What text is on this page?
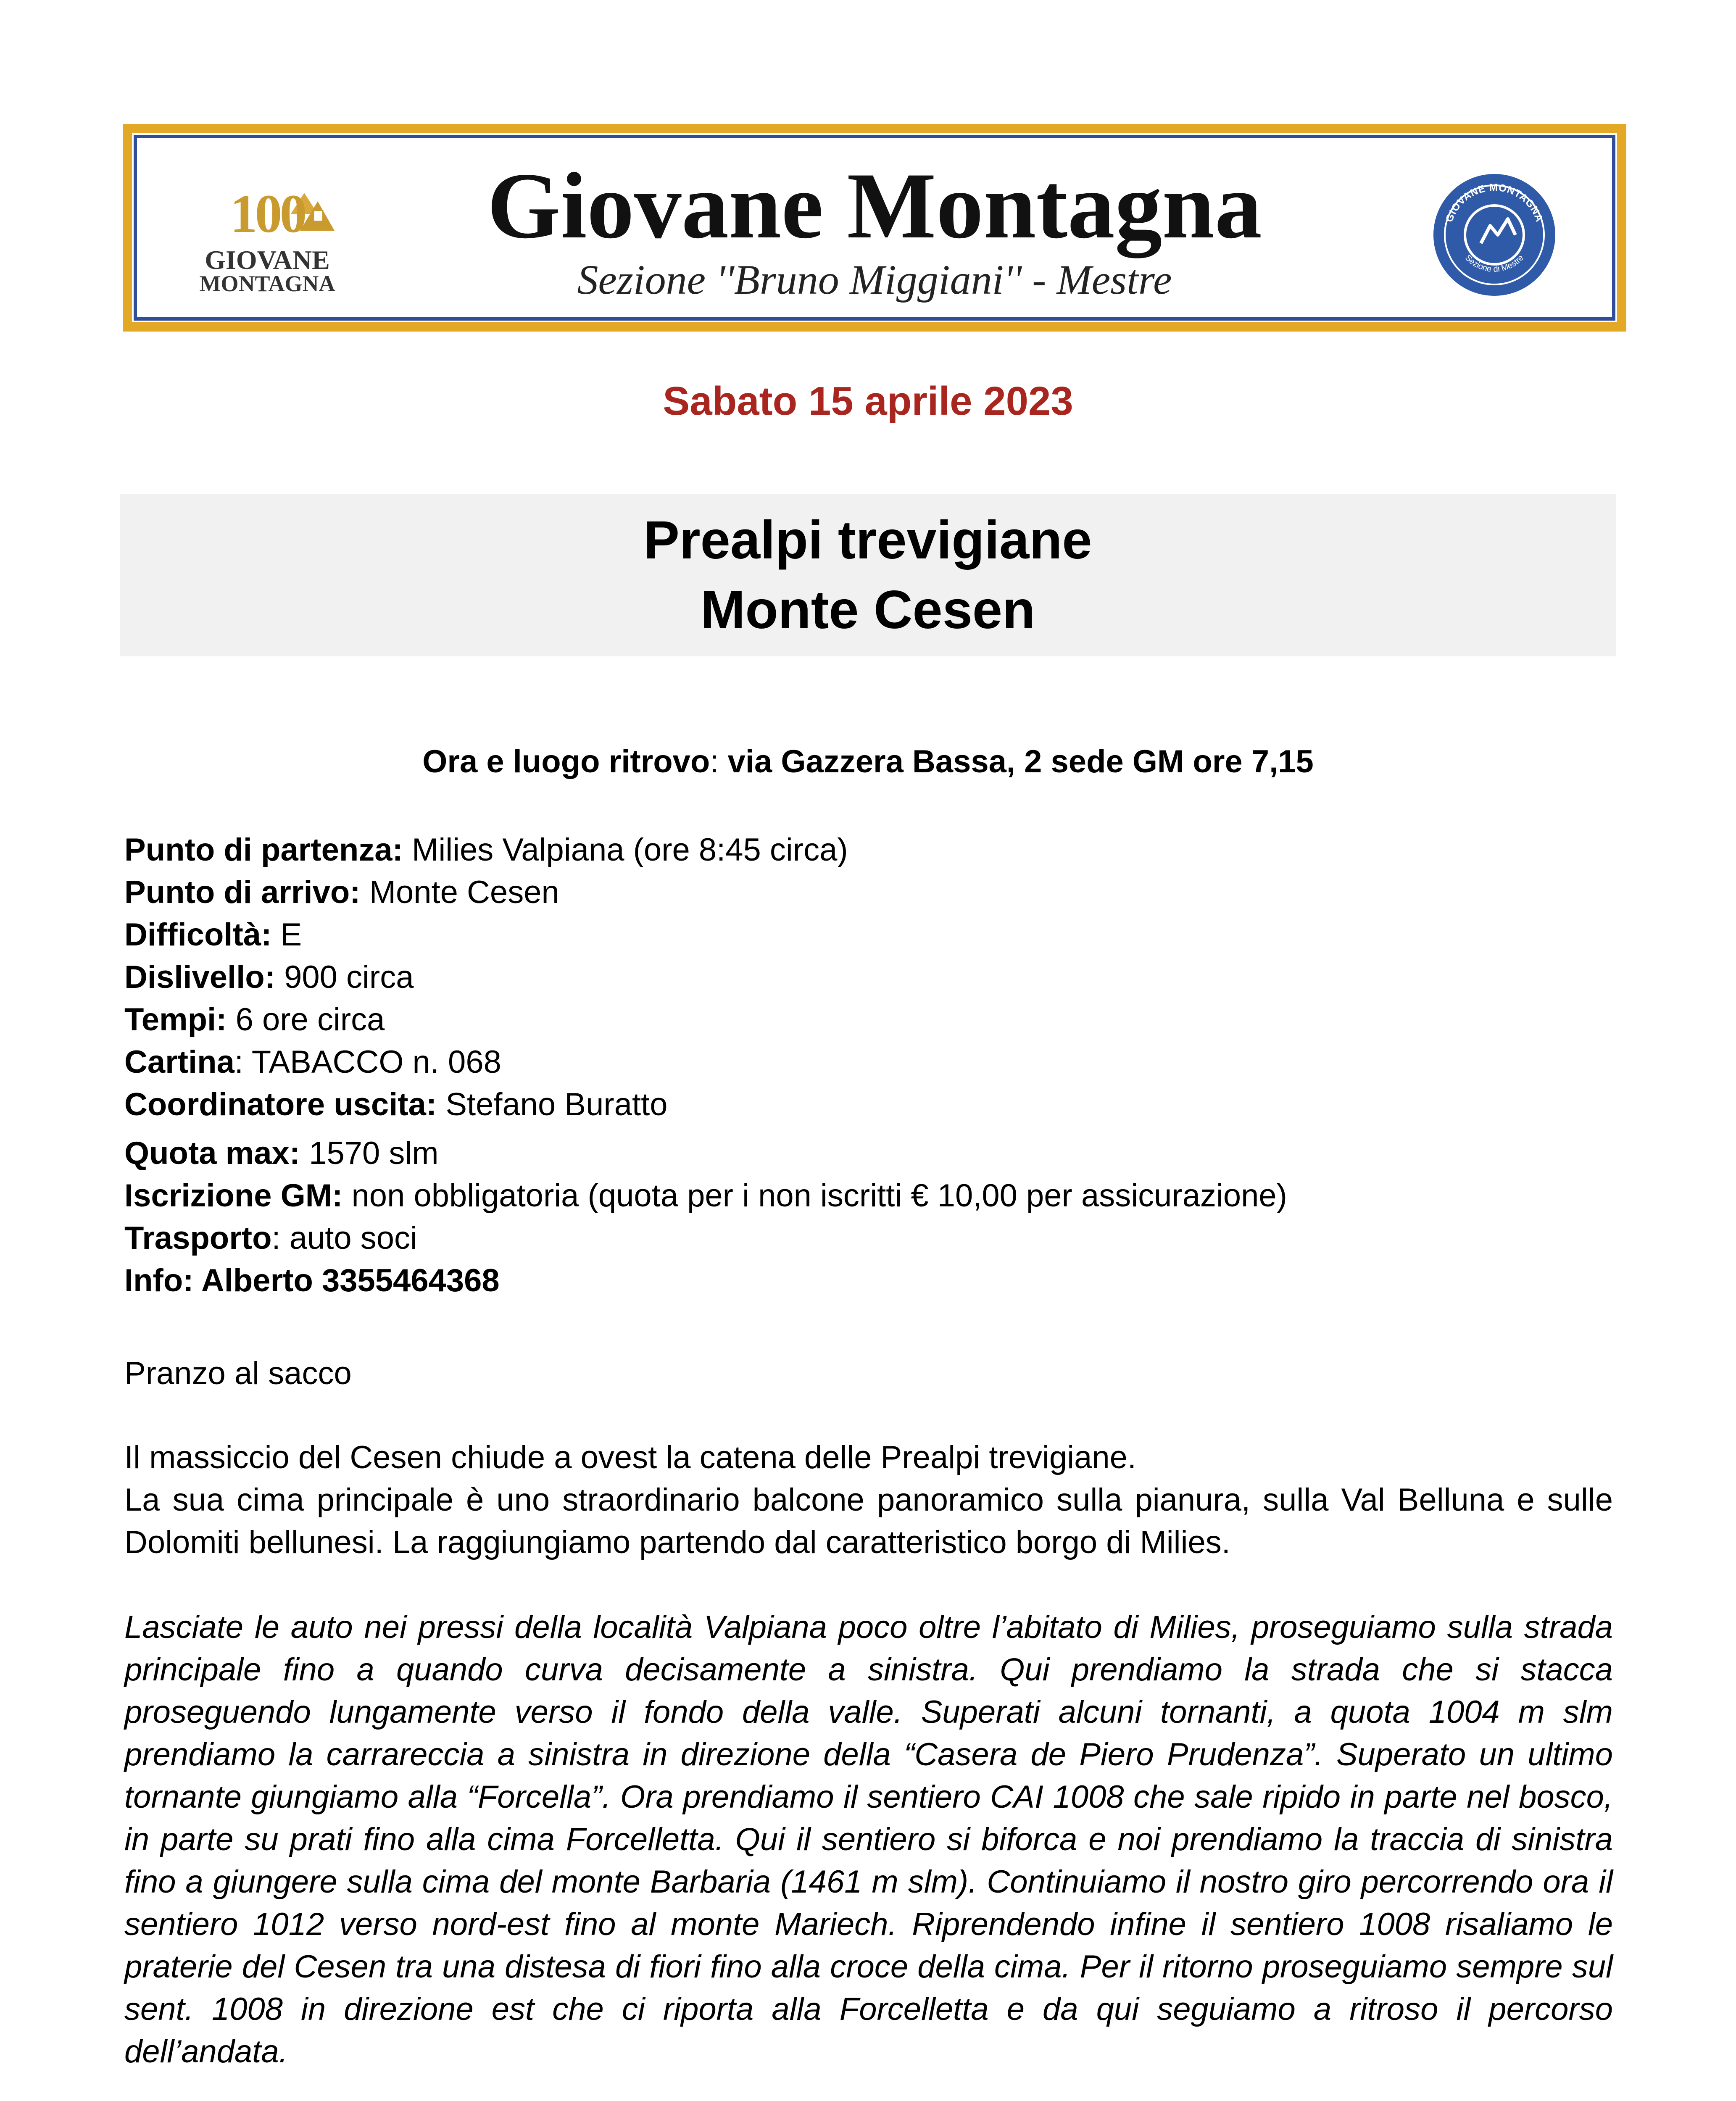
100
GIOVANE
MONTAGNA
Giovane Montagna
Sezione ''Bruno Miggiani'' - Mestre
GIOVANE MONTAGNA
Sezione di Mestre
Sabato 15 aprile 2023
Prealpi trevigiane
Monte Cesen
Ora e luogo ritrovo: via Gazzera Bassa, 2 sede GM ore 7,15
Punto di partenza: Milies Valpiana (ore 8:45 circa)
Punto di arrivo: Monte Cesen
Difficoltà: E
Dislivello: 900 circa
Tempi: 6 ore circa
Cartina: TABACCO n. 068
Coordinatore uscita: Stefano Buratto
Quota max: 1570 slm
Iscrizione GM: non obbligatoria (quota per i non iscritti € 10,00 per assicurazione)
Trasporto: auto soci
Info: Alberto 3355464368
Pranzo al sacco
Il massiccio del Cesen chiude a ovest la catena delle Prealpi trevigiane.
La sua cima principale è uno straordinario balcone panoramico sulla pianura, sulla Val Belluna e sulle
Dolomiti bellunesi. La raggiungiamo partendo dal caratteristico borgo di Milies.
Lasciate le auto nei pressi della località Valpiana poco oltre l’abitato di Milies, proseguiamo sulla strada
principale fino a quando curva decisamente a sinistra. Qui prendiamo la strada che si stacca
proseguendo lungamente verso il fondo della valle. Superati alcuni tornanti, a quota 1004 m slm
prendiamo la carrareccia a sinistra in direzione della “Casera de Piero Prudenza”. Superato un ultimo
tornante giungiamo alla “Forcella”. Ora prendiamo il sentiero CAI 1008 che sale ripido in parte nel bosco,
in parte su prati fino alla cima Forcelletta. Qui il sentiero si biforca e noi prendiamo la traccia di sinistra
fino a giungere sulla cima del monte Barbaria (1461 m slm). Continuiamo il nostro giro percorrendo ora il
sentiero 1012 verso nord-est fino al monte Mariech. Riprendendo infine il sentiero 1008 risaliamo le
praterie del Cesen tra una distesa di fiori fino alla croce della cima. Per il ritorno proseguiamo sempre sul
sent. 1008 in direzione est che ci riporta alla Forcelletta e da qui seguiamo a ritroso il percorso
dell’andata.
